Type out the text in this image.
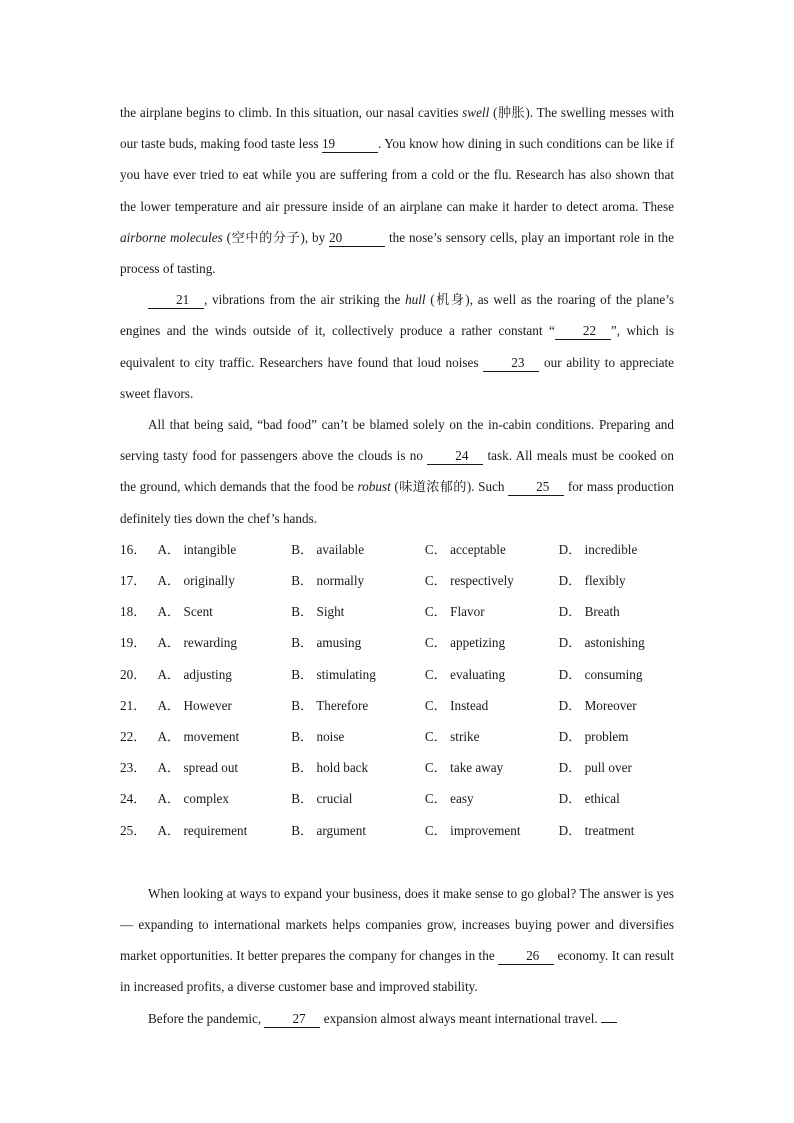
the airplane begins to climb. In this situation, our nasal cavities swell (肿胀). The swelling messes with our taste buds, making food taste less 19	. You know how dining in such conditions can be like if you have ever tried to eat while you are suffering from a cold or the flu. Research has also shown that the lower temperature and air pressure inside of an airplane can make it harder to detect aroma. These airborne molecules (空中的分子), by 20	the nose’s sensory cells, play an important role in the process of tasting.

21 , vibrations from the air striking the hull (机身), as well as the roaring of the plane’s engines and the winds outside of it, collectively produce a rather constant “ 22 ”, which is equivalent to city traffic. Researchers have found that loud noises 23 our ability to appreciate sweet flavors.

All that being said, “bad food” can’t be blamed solely on the in-cabin conditions. Preparing and serving tasty food for passengers above the clouds is no 24 task. All meals must be cooked on the ground, which demands that the food be robust (味道浓郁的). Such 25 for mass production definitely ties down the chef’s hands.

16． A． intangible	B． available	C． acceptable	D． incredible
17． A． originally	B． normally	C． respectively	D． flexibly
18． A． Scent	B． Sight	C． Flavor	D． Breath
19． A． rewarding	B． amusing	C． appetizing	D． astonishing
20． A． adjusting	B． stimulating	C． evaluating	D． consuming
21． A． However	B． Therefore	C． Instead	D． Moreover
22． A． movement	B． noise	C． strike	D． problem
23． A． spread out	B． hold back	C． take away	D． pull over
24． A． complex	B． crucial	C． easy	D． ethical
25． A． requirement	B． argument	C． improvement	D． treatment

When looking at ways to expand your business, does it make sense to go global? The answer is yes — expanding to international markets helps companies grow, increases buying power and diversifies market opportunities. It better prepares the company for changes in the 26 economy. It can result in increased profits, a diverse customer base and improved stability.

Before the pandemic, 27 expansion almost always meant international travel.
